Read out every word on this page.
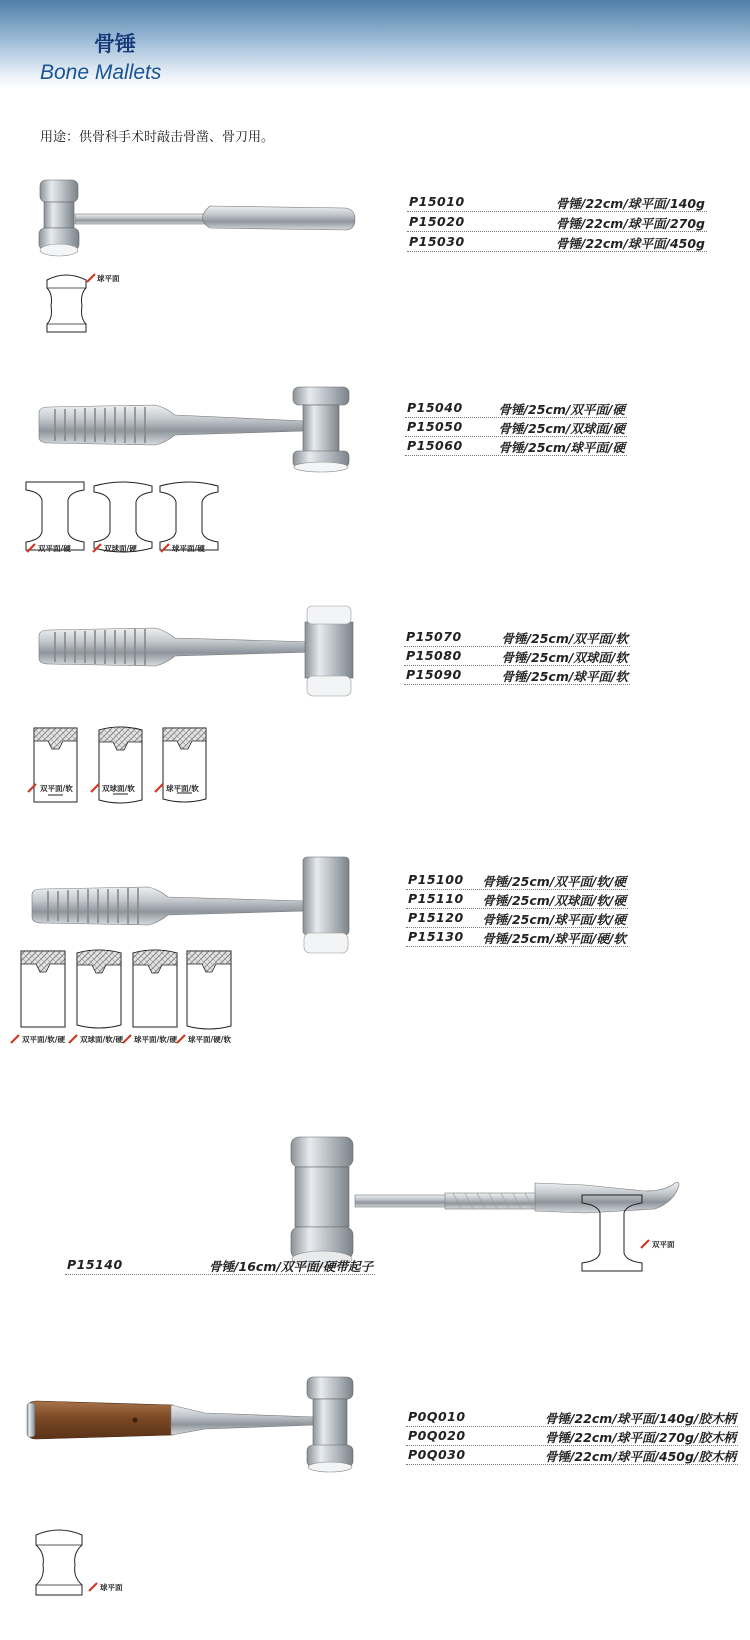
骨锤
Bone Mallets
用途：供骨科手术时敲击骨凿、骨刀用。
P15010	骨锤/22cm/球平面/140g
P15020	骨锤/22cm/球平面/270g
P15030	骨锤/22cm/球平面/450g
球平面
P15040	骨锤/25cm/双平面/硬
P15050	骨锤/25cm/双球面/硬
P15060	骨锤/25cm/球平面/硬
双平面/硬	双球面/硬	球平面/硬
P15070	骨锤/25cm/双平面/软
P15080	骨锤/25cm/双球面/软
P15090	骨锤/25cm/球平面/软
双平面/软	双球面/软	球平面/软
P15100 骨锤/25cm/双平面/软/硬
P15110 骨锤/25cm/双球面/软/硬
P15120 骨锤/25cm/球平面/软/硬
P15130 骨锤/25cm/球平面/硬/软
双平面/软/硬 双球面/软/硬 球平面/软/硬 球平面/硬/软
双平面
P15140	骨锤/16cm/双平面/硬带起子
P0Q010	骨锤/22cm/球平面/140g/胶木柄
P0Q020	骨锤/22cm/球平面/270g/胶木柄
P0Q030	骨锤/22cm/球平面/450g/胶木柄
球平面
